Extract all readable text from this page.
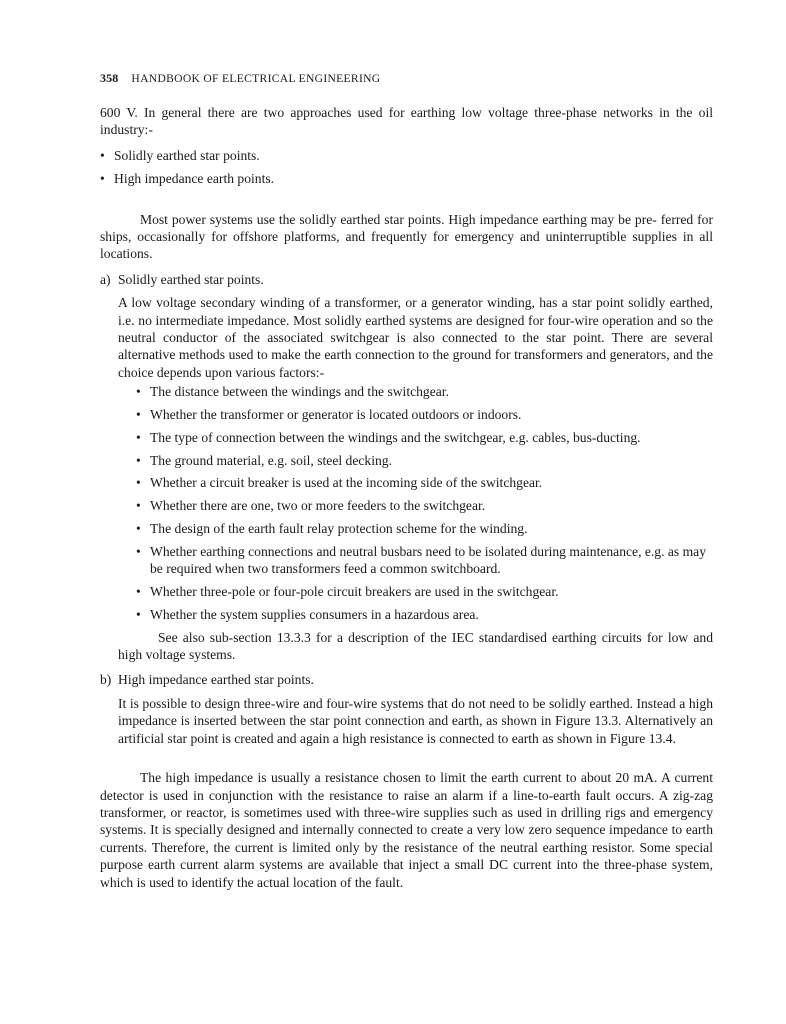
358 HANDBOOK OF ELECTRICAL ENGINEERING

600 V. In general there are two approaches used for earthing low voltage three-phase networks in the oil industry:-

• Solidly earthed star points.
• High impedance earth points.

Most power systems use the solidly earthed star points. High impedance earthing may be pre- ferred for ships, occasionally for offshore platforms, and frequently for emergency and uninterruptible supplies in all locations.

a) Solidly earthed star points.

A low voltage secondary winding of a transformer, or a generator winding, has a star point solidly earthed, i.e. no intermediate impedance. Most solidly earthed systems are designed for four-wire operation and so the neutral conductor of the associated switchgear is also connected to the star point. There are several alternative methods used to make the earth connection to the ground for transformers and generators, and the choice depends upon various factors:-

• The distance between the windings and the switchgear.
• Whether the transformer or generator is located outdoors or indoors.
• The type of connection between the windings and the switchgear, e.g. cables, bus-ducting.
• The ground material, e.g. soil, steel decking.
• Whether a circuit breaker is used at the incoming side of the switchgear.
• Whether there are one, two or more feeders to the switchgear.
• The design of the earth fault relay protection scheme for the winding.
• Whether earthing connections and neutral busbars need to be isolated during maintenance, e.g. as may be required when two transformers feed a common switchboard.
• Whether three-pole or four-pole circuit breakers are used in the switchgear.
• Whether the system supplies consumers in a hazardous area.

See also sub-section 13.3.3 for a description of the IEC standardised earthing circuits for low and high voltage systems.

b) High impedance earthed star points.

It is possible to design three-wire and four-wire systems that do not need to be solidly earthed. Instead a high impedance is inserted between the star point connection and earth, as shown in Figure 13.3. Alternatively an artificial star point is created and again a high resistance is connected to earth as shown in Figure 13.4.

The high impedance is usually a resistance chosen to limit the earth current to about 20 mA. A current detector is used in conjunction with the resistance to raise an alarm if a line-to-earth fault occurs. A zig-zag transformer, or reactor, is sometimes used with three-wire supplies such as used in drilling rigs and emergency systems. It is specially designed and internally connected to create a very low zero sequence impedance to earth currents. Therefore, the current is limited only by the resistance of the neutral earthing resistor. Some special purpose earth current alarm systems are available that inject a small DC current into the three-phase system, which is used to identify the actual location of the fault.
